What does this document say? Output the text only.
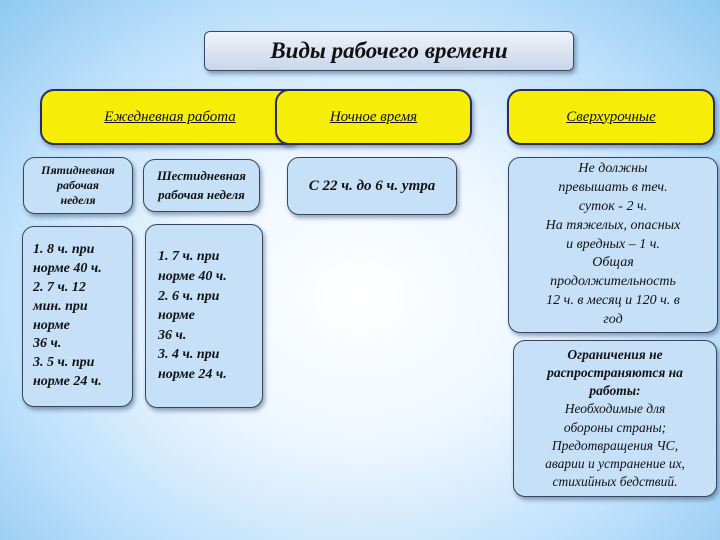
Виды рабочего времени
Ежедневная работа	Ночное время	Сверхурочные
Пятидневная
рабочая
неделя
Шестидневная
рабочая неделя
С 22 ч. до 6 ч. утра
Не должны
превышать в теч.
суток - 2 ч.
На тяжелых, опасных
и вредных – 1 ч.
Общая
продолжительность
12 ч. в месяц и 120 ч. в
год
1. 8 ч. при
норме 40 ч.
2. 7 ч. 12
мин. при
норме
36 ч.
3. 5 ч. при
норме 24 ч.
1. 7 ч. при
норме 40 ч.
2. 6 ч. при
норме
36 ч.
3. 4 ч. при
норме 24 ч.
Ограничения не
распространяются на
работы:
Необходимые для
обороны страны;
Предотвращения ЧС,
аварии и устранение их,
стихийных бедствий.
